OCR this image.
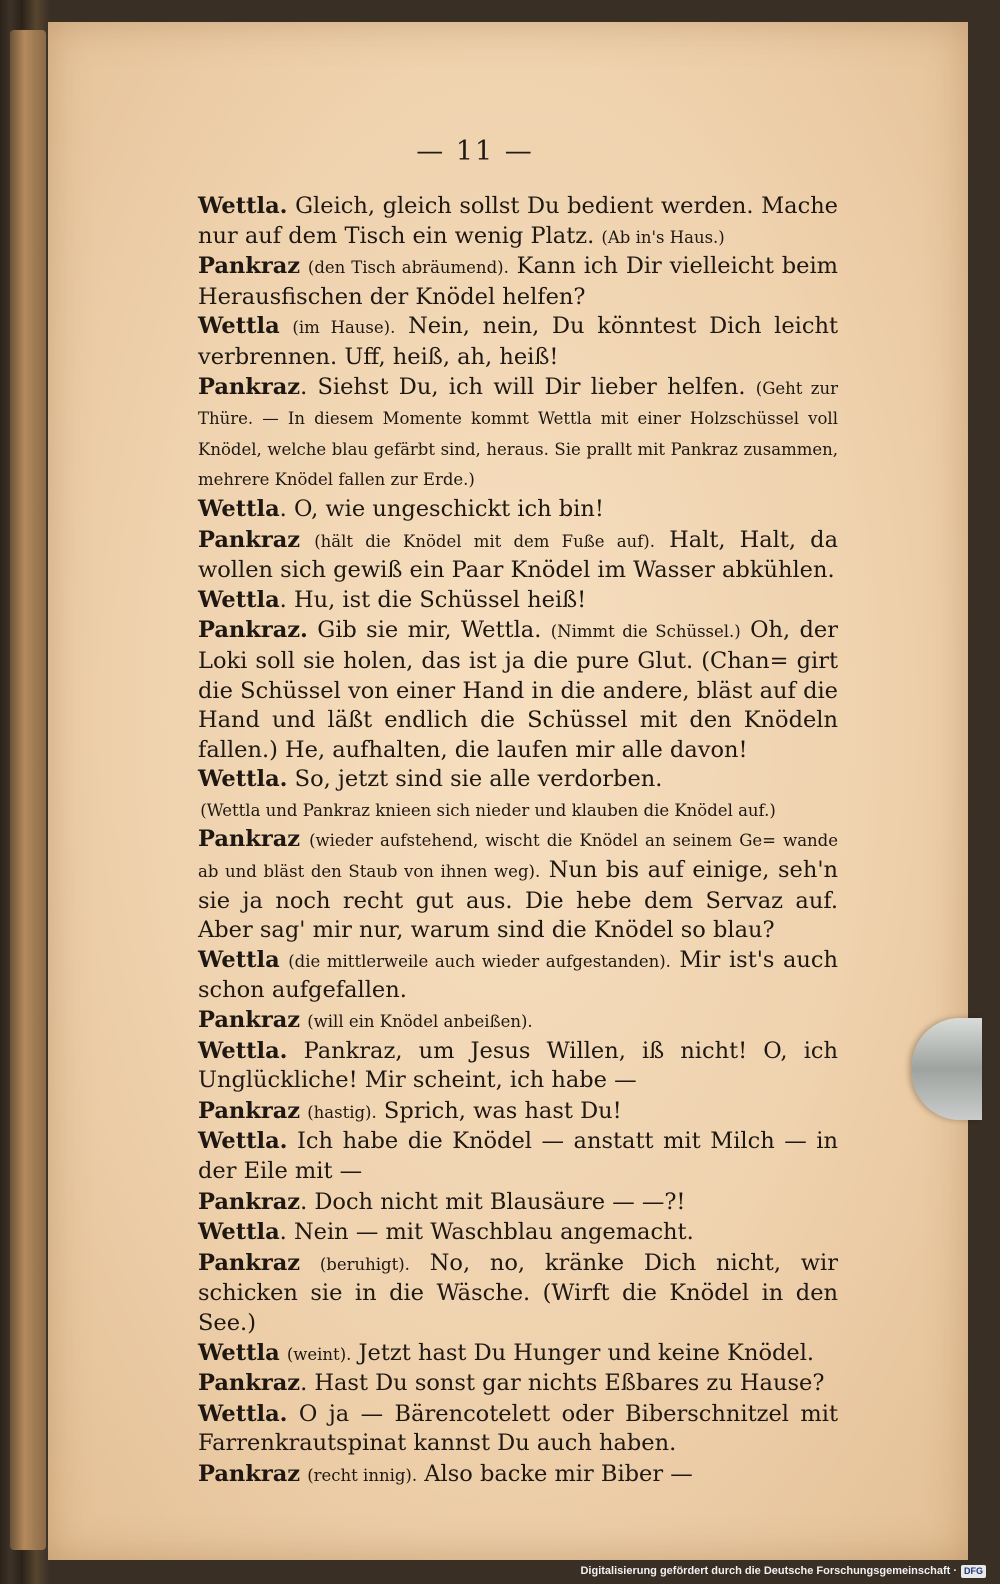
— 11 —

Wettla. Gleich, gleich sollst Du bedient werden. Mache nur auf dem Tisch ein wenig Platz. (Ab in's Haus.)

Pankraz (den Tisch abräumend). Kann ich Dir vielleicht beim Herausfischen der Knödel helfen?

Wettla (im Hause). Nein, nein, Du könntest Dich leicht verbrennen. Uff, heiß, ah, heiß!

Pankraz. Siehst Du, ich will Dir lieber helfen. (Geht zur Thüre. — In diesem Momente kommt Wettla mit einer Holzschüssel voll Knödel, welche blau gefärbt sind, heraus. Sie prallt mit Pankraz zusammen, mehrere Knödel fallen zur Erde.)

Wettla. O, wie ungeschickt ich bin!

Pankraz (hält die Knödel mit dem Fuße auf). Halt, Halt, da wollen sich gewiß ein Paar Knödel im Wasser abkühlen.

Wettla. Hu, ist die Schüssel heiß!

Pankraz. Gib sie mir, Wettla. (Nimmt die Schüssel.) Oh, der Loki soll sie holen, das ist ja die pure Glut. (Chan= girt die Schüssel von einer Hand in die andere, bläst auf die Hand und läßt endlich die Schüssel mit den Knödeln fallen.) He, aufhalten, die laufen mir alle davon!

Wettla. So, jetzt sind sie alle verdorben.

(Wettla und Pankraz knieen sich nieder und klauben die Knödel auf.)

Pankraz (wieder aufstehend, wischt die Knödel an seinem Ge= wande ab und bläst den Staub von ihnen weg). Nun bis auf einige, seh'n sie ja noch recht gut aus. Die hebe dem Servaz auf. Aber sag' mir nur, warum sind die Knödel so blau?

Wettla (die mittlerweile auch wieder aufgestanden). Mir ist's auch schon aufgefallen.

Pankraz (will ein Knödel anbeißen).

Wettla. Pankraz, um Jesus Willen, iß nicht! O, ich Unglückliche! Mir scheint, ich habe —

Pankraz (hastig). Sprich, was hast Du!

Wettla. Ich habe die Knödel — anstatt mit Milch — in der Eile mit —

Pankraz. Doch nicht mit Blausäure — —?!

Wettla. Nein — mit Waschblau angemacht.

Pankraz (beruhigt). No, no, kränke Dich nicht, wir schicken sie in die Wäsche. (Wirft die Knödel in den See.)

Wettla (weint). Jetzt hast Du Hunger und keine Knödel.

Pankraz. Hast Du sonst gar nichts Eßbares zu Hause?

Wettla. O ja — Bärencotelett oder Biberschnitzel mit Farrenkrautspinat kannst Du auch haben.

Pankraz (recht innig). Also backe mir Biber —

Digitalisierung gefördert durch die Deutsche Forschungsgemeinschaft · DFG
